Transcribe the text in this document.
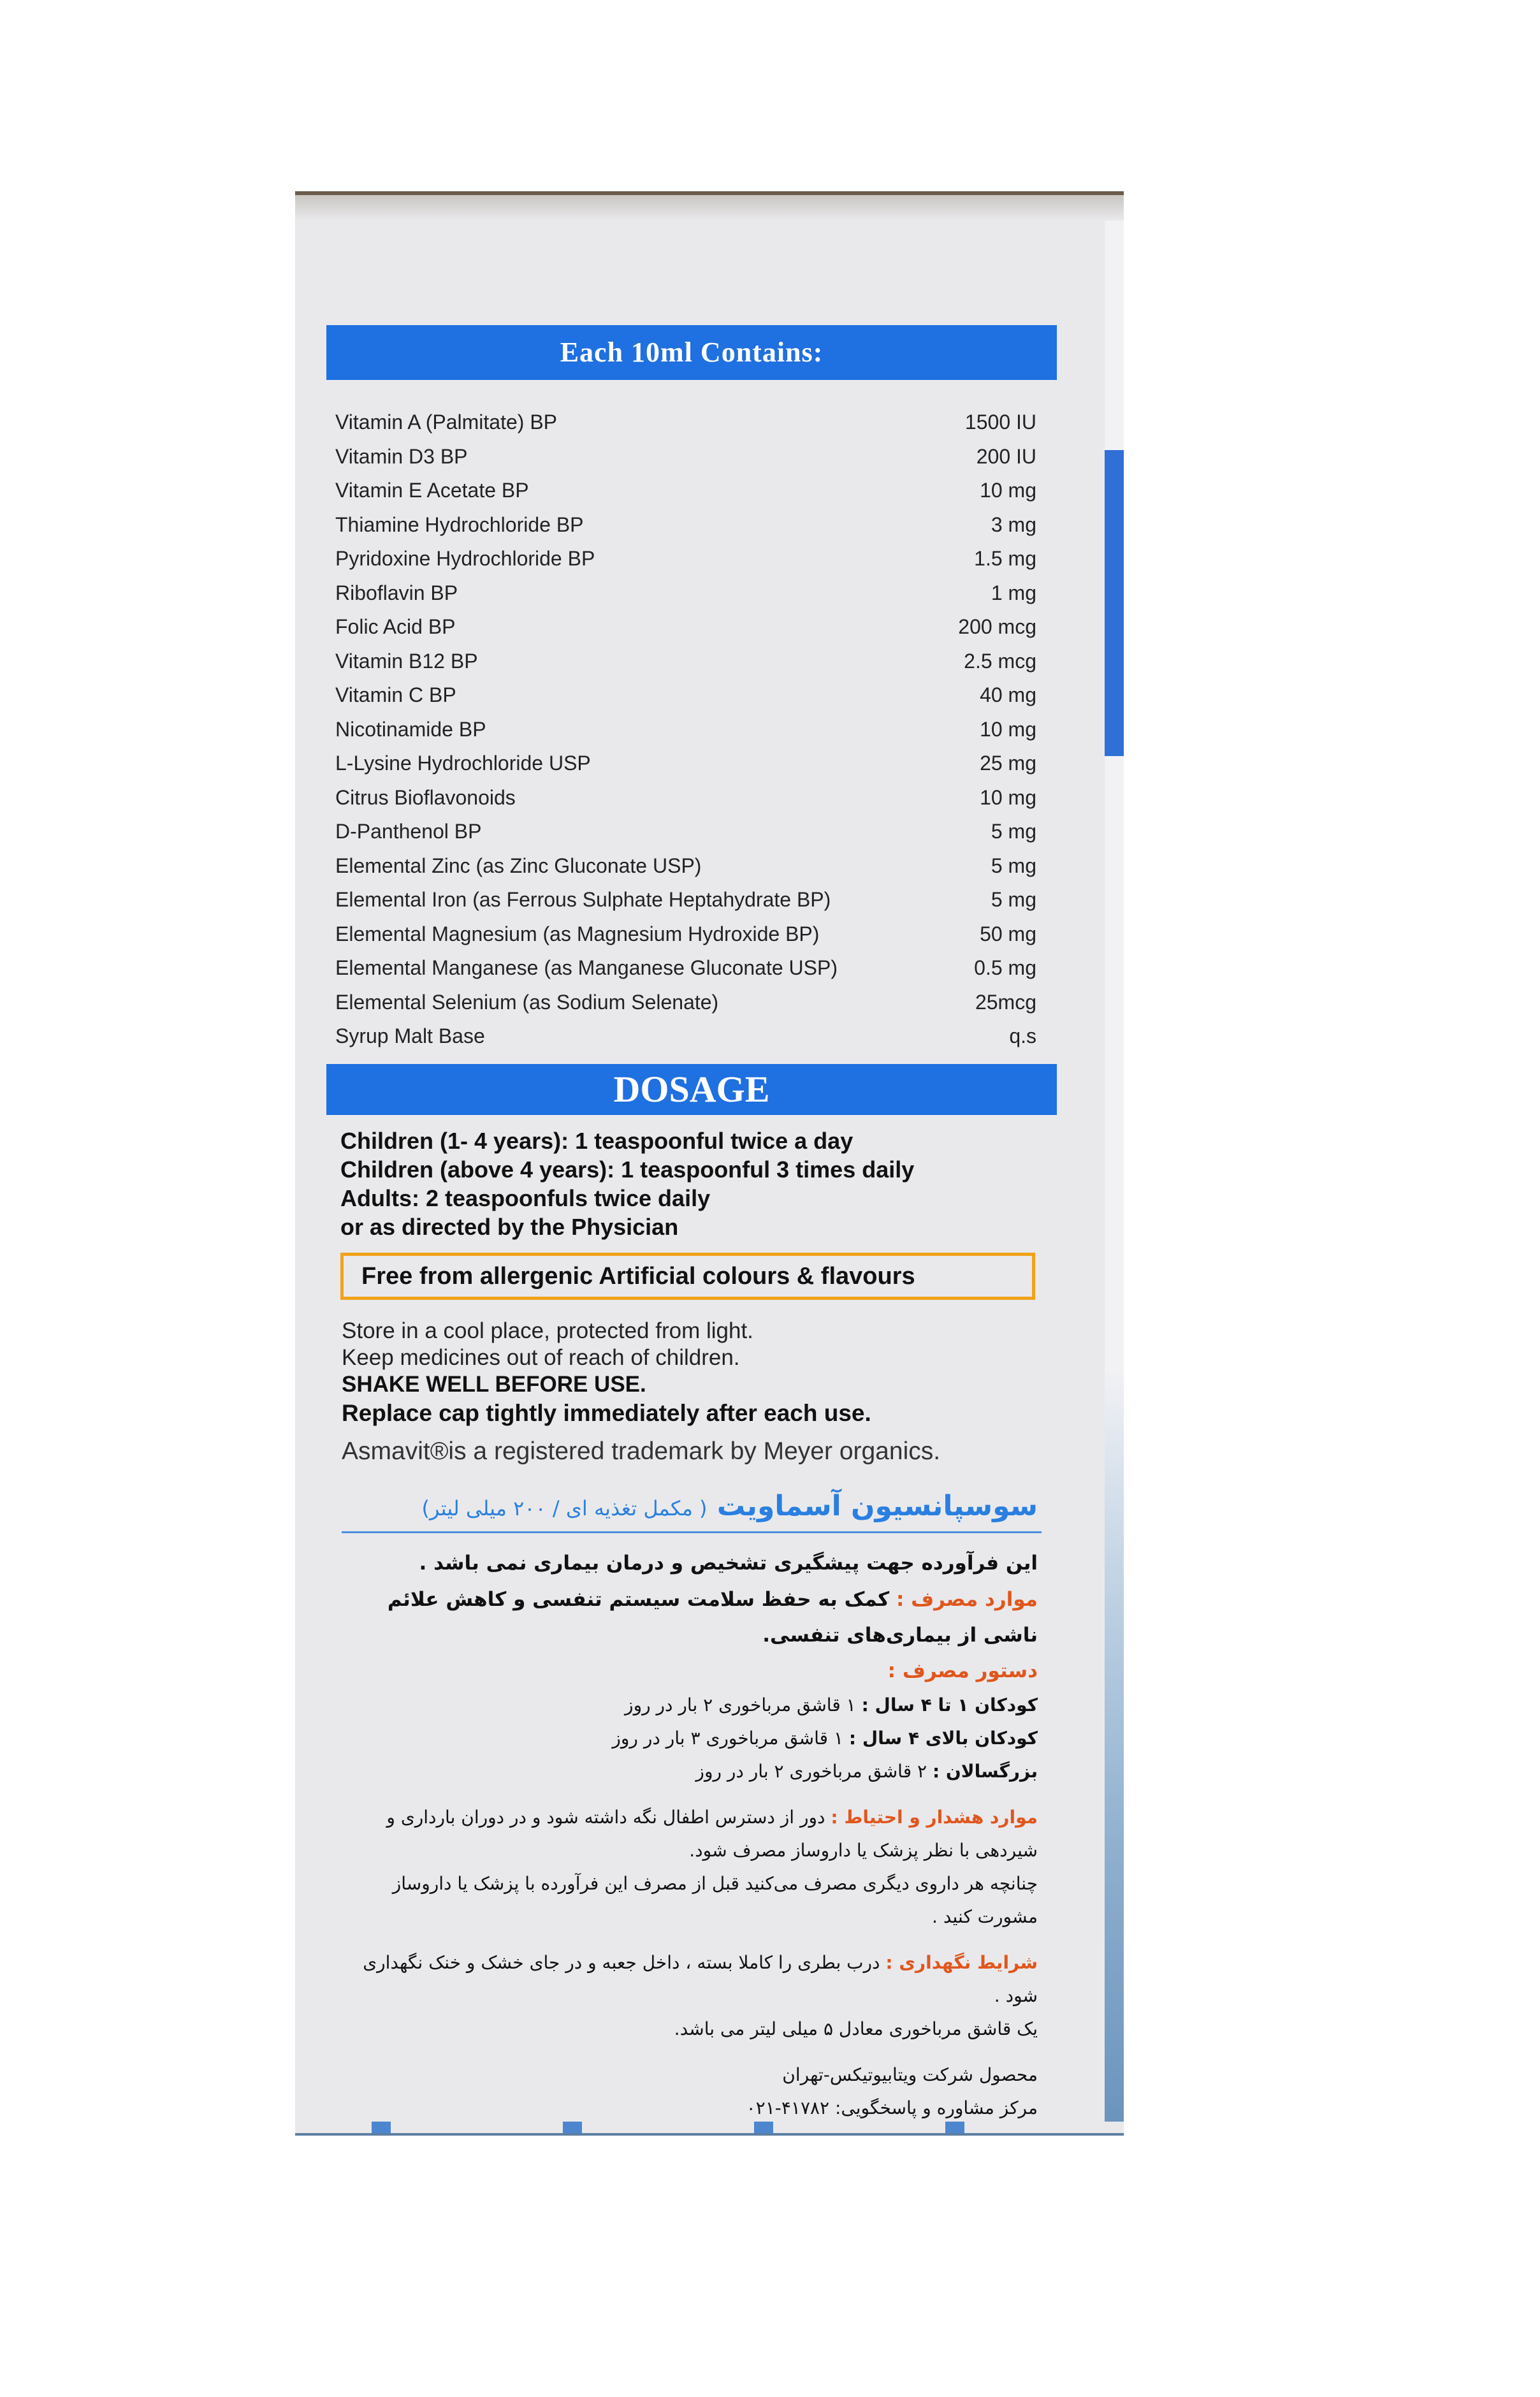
Each 10ml Contains:
Vitamin A (Palmitate) BP	1500 IU
Vitamin D3 BP	200 IU
Vitamin E Acetate BP	10 mg
Thiamine Hydrochloride BP	3 mg
Pyridoxine Hydrochloride BP	1.5 mg
Riboflavin BP	1 mg
Folic Acid BP	200 mcg
Vitamin B12 BP	2.5 mcg
Vitamin C BP	40 mg
Nicotinamide BP	10 mg
L-Lysine Hydrochloride USP	25 mg
Citrus Bioflavonoids	10 mg
D-Panthenol BP	5 mg
Elemental Zinc (as Zinc Gluconate USP)	5 mg
Elemental Iron (as Ferrous Sulphate Heptahydrate BP)	5 mg
Elemental Magnesium (as Magnesium Hydroxide BP)	50 mg
Elemental Manganese (as Manganese Gluconate USP)	0.5 mg
Elemental Selenium (as Sodium Selenate)	25mcg
Syrup Malt Base	q.s
DOSAGE
Children (1- 4 years): 1 teaspoonful twice a day
Children (above 4 years): 1 teaspoonful 3 times daily
Adults: 2 teaspoonfuls twice daily
or as directed by the Physician
Free from allergenic Artificial colours & flavours
Store in a cool place, protected from light.
Keep medicines out of reach of children.
SHAKE WELL BEFORE USE.
Replace cap tightly immediately after each use.
Asmavit®is a registered trademark by Meyer organics.
سوسپانسیون آسماویت ( مکمل تغذیه ای / ۲۰۰ میلی لیتر)

این فرآورده جهت پیشگیری تشخیص و درمان بیماری نمی باشد .

موارد مصرف : کمک به حفظ سلامت سیستم تنفسی و کاهش علائم ناشی از بیماری‌های تنفسی.

دستور مصرف :

کودکان ۱ تا ۴ سال : ۱ قاشق مرباخوری ۲ بار در روز

کودکان بالای ۴ سال : ۱ قاشق مرباخوری ۳ بار در روز

بزرگسالان : ۲ قاشق مرباخوری ۲ بار در روز

موارد هشدار و احتیاط : دور از دسترس اطفال نگه داشته شود و در دوران بارداری و شیردهی با نظر پزشک یا داروساز مصرف شود.

چنانچه هر داروی دیگری مصرف می‌کنید قبل از مصرف این فرآورده با پزشک یا داروساز مشورت کنید .

شرایط نگهداری : درب بطری را کاملا بسته ، داخل جعبه و در جای خشک و خنک نگهداری شود .

یک قاشق مرباخوری معادل ۵ میلی لیتر می باشد.

محصول شرکت ویتابیوتیکس-تهران

مرکز مشاوره و پاسخگویی: ۴۱۷۸۲-۰۲۱
